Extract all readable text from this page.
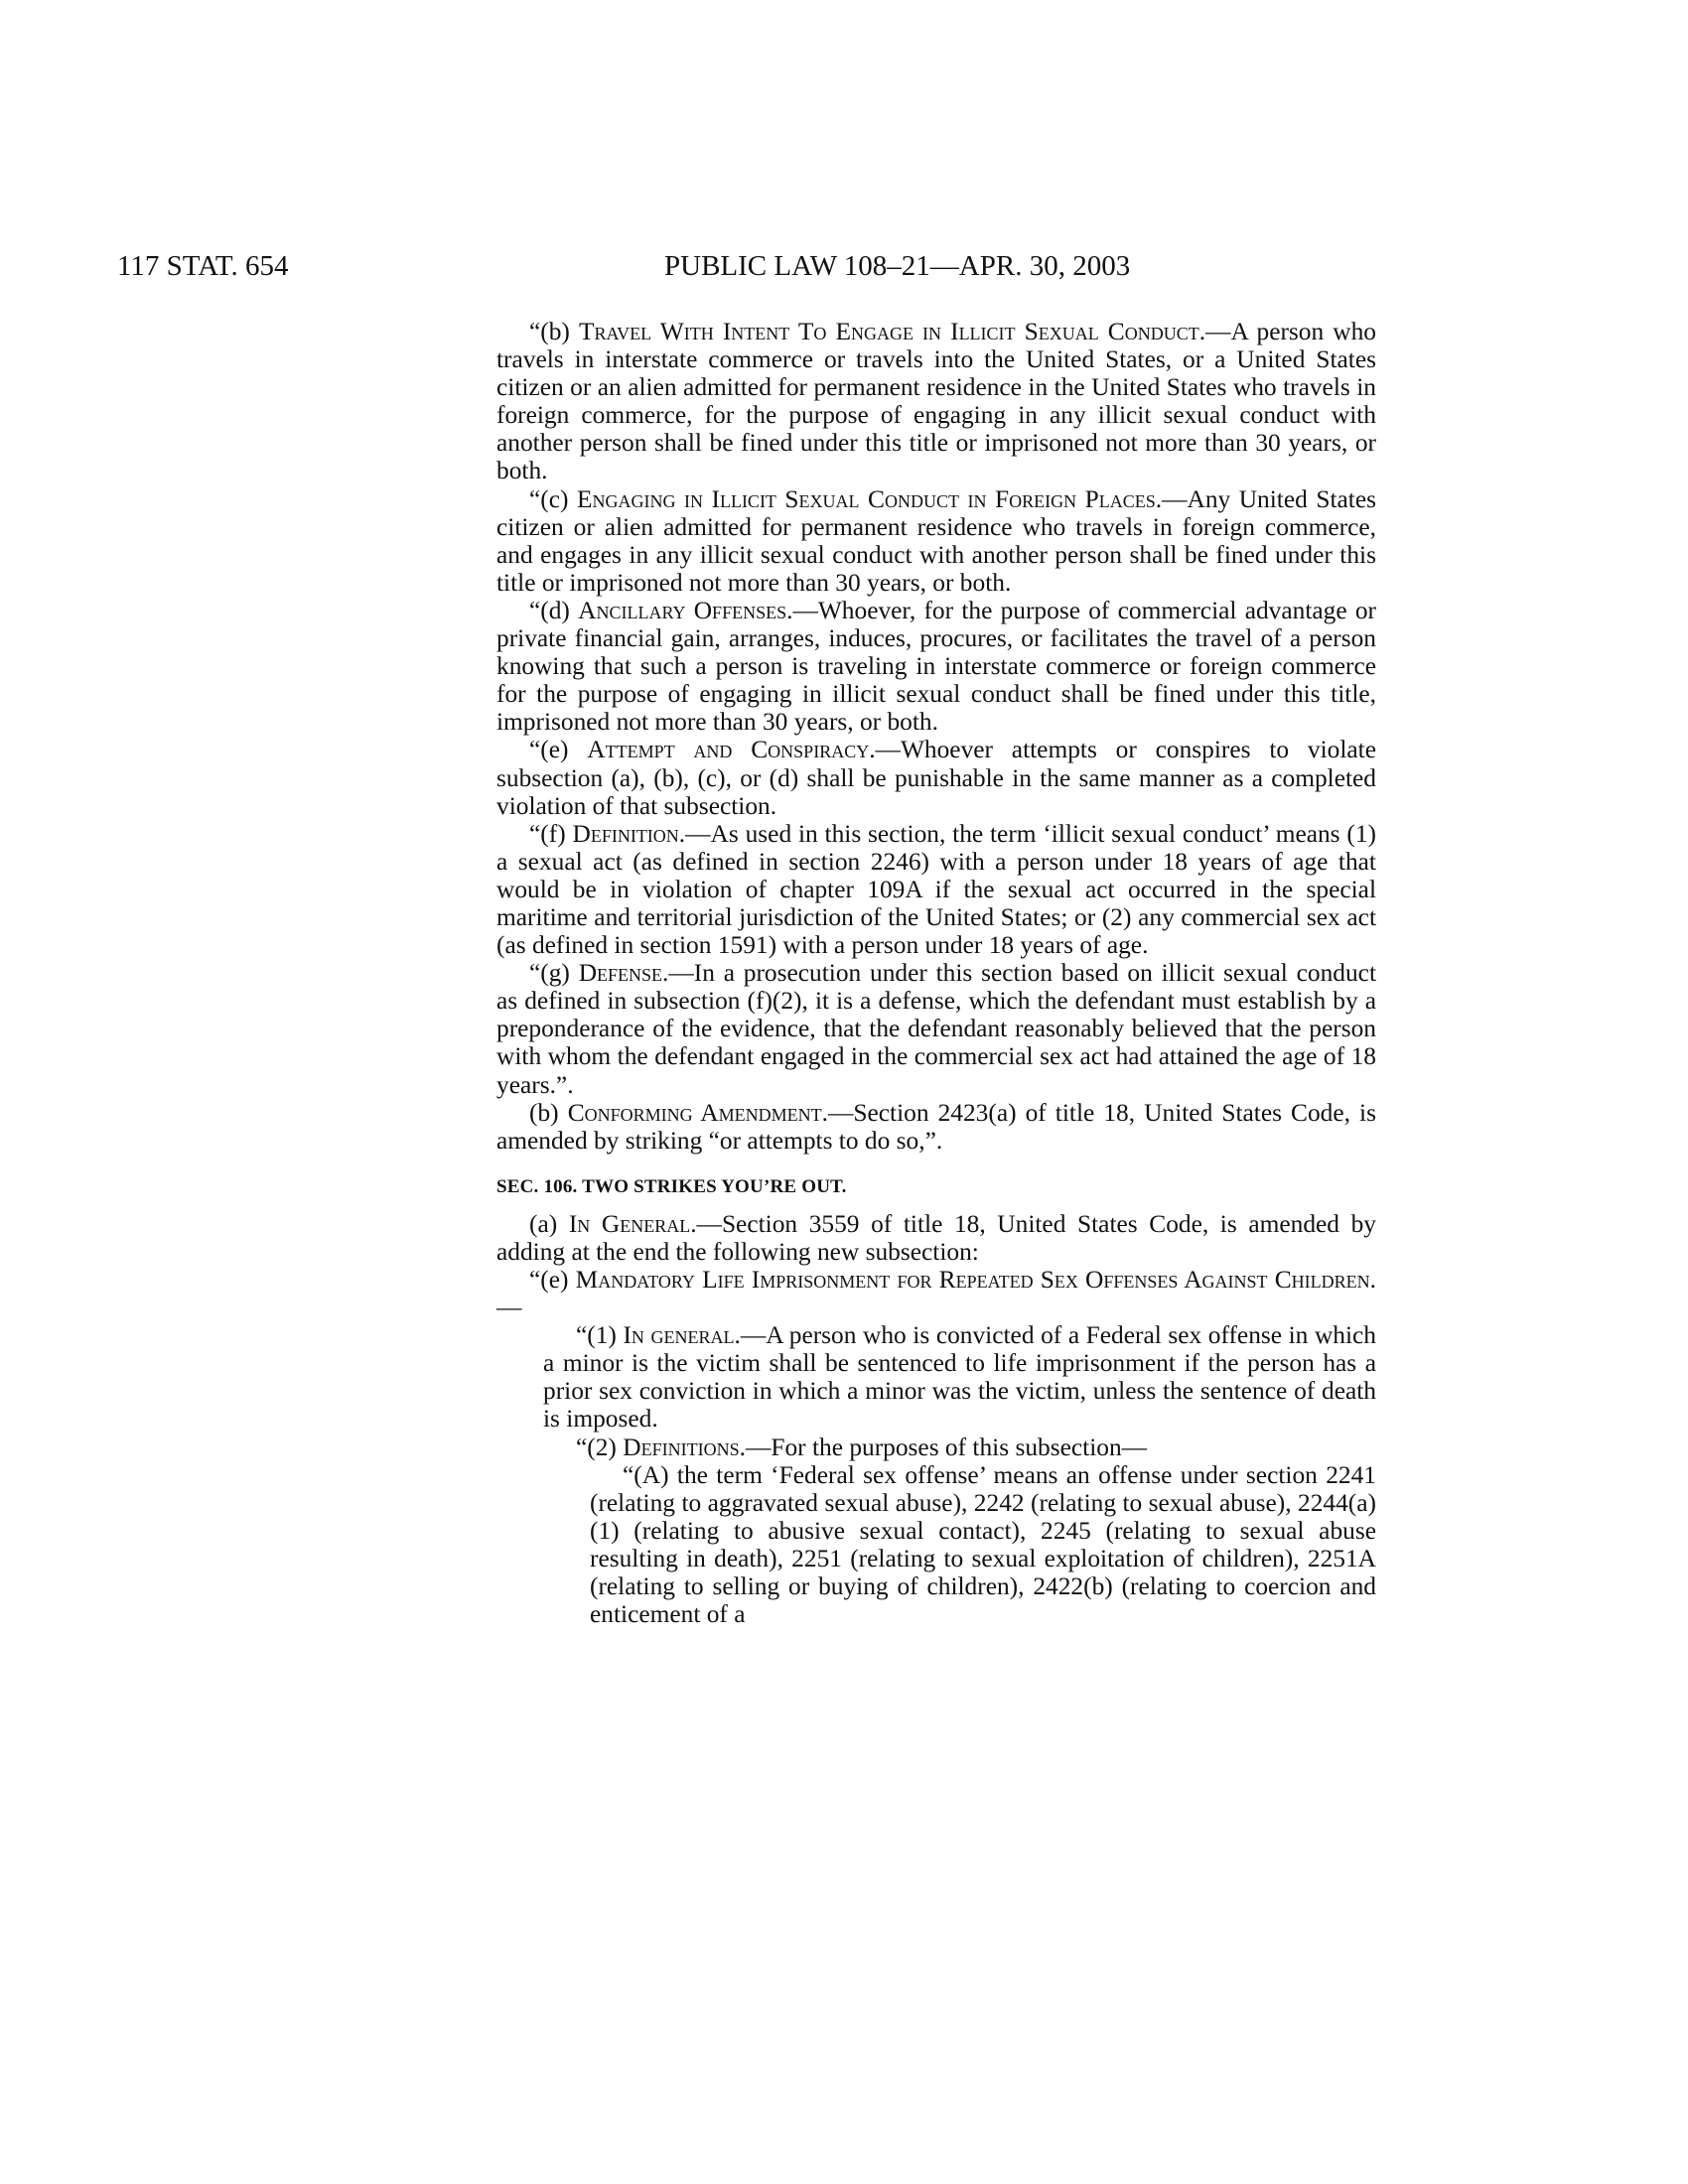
117 STAT. 654	PUBLIC LAW 108–21—APR. 30, 2003

“(b) Travel With Intent To Engage in Illicit Sexual Conduct.—A person who travels in interstate commerce or travels into the United States, or a United States citizen or an alien admitted for permanent residence in the United States who travels in foreign commerce, for the purpose of engaging in any illicit sexual conduct with another person shall be fined under this title or imprisoned not more than 30 years, or both.

“(c) Engaging in Illicit Sexual Conduct in Foreign Places.—Any United States citizen or alien admitted for permanent residence who travels in foreign commerce, and engages in any illicit sexual conduct with another person shall be fined under this title or imprisoned not more than 30 years, or both.

“(d) Ancillary Offenses.—Whoever, for the purpose of commercial advantage or private financial gain, arranges, induces, procures, or facilitates the travel of a person knowing that such a person is traveling in interstate commerce or foreign commerce for the purpose of engaging in illicit sexual conduct shall be fined under this title, imprisoned not more than 30 years, or both.

“(e) Attempt and Conspiracy.—Whoever attempts or conspires to violate subsection (a), (b), (c), or (d) shall be punishable in the same manner as a completed violation of that subsection.

“(f) Definition.—As used in this section, the term ‘illicit sexual conduct’ means (1) a sexual act (as defined in section 2246) with a person under 18 years of age that would be in violation of chapter 109A if the sexual act occurred in the special maritime and territorial jurisdiction of the United States; or (2) any commercial sex act (as defined in section 1591) with a person under 18 years of age.

“(g) Defense.—In a prosecution under this section based on illicit sexual conduct as defined in subsection (f)(2), it is a defense, which the defendant must establish by a preponderance of the evidence, that the defendant reasonably believed that the person with whom the defendant engaged in the commercial sex act had attained the age of 18 years.”.

(b) Conforming Amendment.—Section 2423(a) of title 18, United States Code, is amended by striking “or attempts to do so,”.

SEC. 106. TWO STRIKES YOU’RE OUT.

(a) In General.—Section 3559 of title 18, United States Code, is amended by adding at the end the following new subsection:

“(e) Mandatory Life Imprisonment for Repeated Sex Offenses Against Children.—

“(1) In general.—A person who is convicted of a Federal sex offense in which a minor is the victim shall be sentenced to life imprisonment if the person has a prior sex conviction in which a minor was the victim, unless the sentence of death is imposed.

“(2) Definitions.—For the purposes of this subsection—

“(A) the term ‘Federal sex offense’ means an offense under section 2241 (relating to aggravated sexual abuse), 2242 (relating to sexual abuse), 2244(a)(1) (relating to abusive sexual contact), 2245 (relating to sexual abuse resulting in death), 2251 (relating to sexual exploitation of children), 2251A (relating to selling or buying of children), 2422(b) (relating to coercion and enticement of a
